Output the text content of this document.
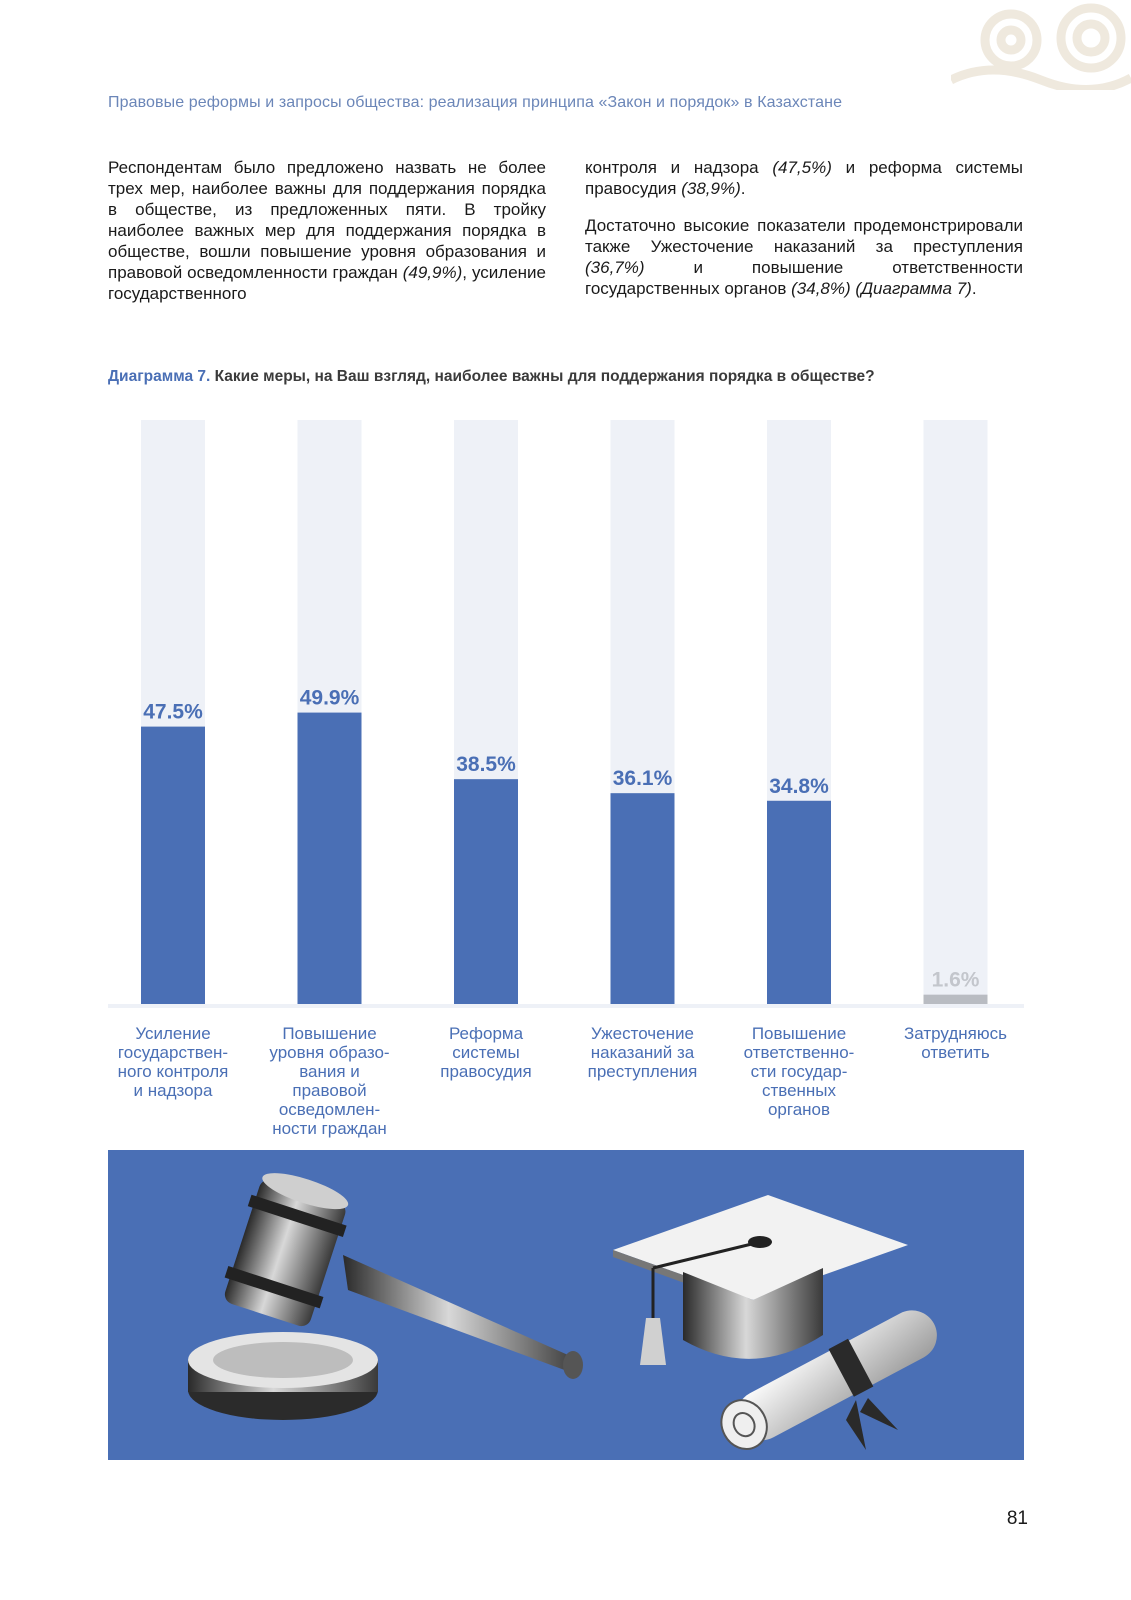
Правовые реформы и запросы общества: реализация принципа «Закон и порядок» в Казахстане

Респондентам было предложено назвать не более трех мер, наиболее важны для поддержания порядка в обществе, из предложенных пяти. В тройку наиболее важных мер для поддержания порядка в обществе, вошли повышение уровня образования и правовой осведомленности граждан (49,9%), усиление государственного

контроля и надзора (47,5%) и реформа системы правосудия (38,9%).

Достаточно высокие показатели продемонстрировали также Ужесточение наказаний за преступления (36,7%) и повышение ответственности государственных органов (34,8%) (Диаграмма 7).

Диаграмма 7. Какие меры, на Ваш взгляд, наиболее важны для поддержания порядка в обществе?
47.5%
49.9%
38.5%
36.1%	34.8%
1.6%
Усиление
государствен-
ного контроля
и надзора
Повышение
уровня образо-
вания и
правовой
осведомлен-
ности граждан
Реформа
системы
правосудия
Ужесточение
наказаний за
преступления
Повышение
ответственно-
сти государ-
ственных
органов
Затрудняюсь
ответить
81
